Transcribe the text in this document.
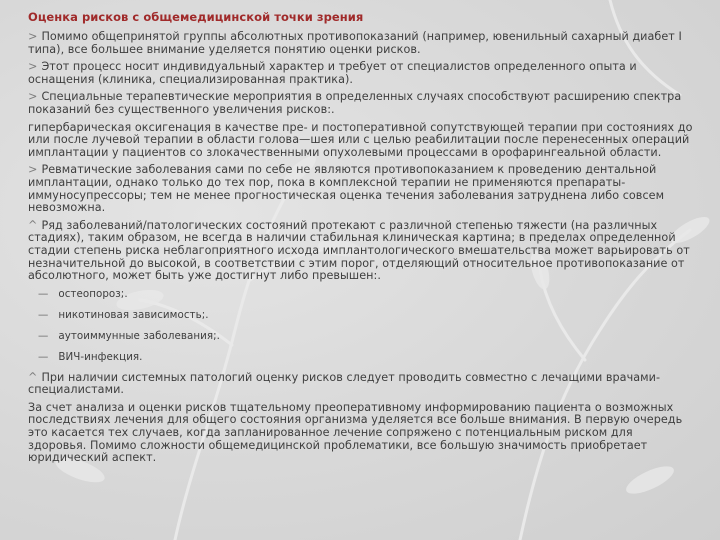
Оценка рисков с общемедицинской точки зрения

> Помимо общепринятой группы абсолютных противопоказаний (например, ювенильный сахарный диабет I типа), все большее внимание уделяется понятию оценки рисков.

> Этот процесс носит индивидуальный характер и требует от специалистов определенного опыта и оснащения (клиника, специализированная практика).

> Специальные терапевтические мероприятия в определенных случаях способствуют расширению спектра показаний без существенного увеличения рисков:.

гипербарическая оксигенация в качестве пре- и постоперативной сопутствующей терапии при состояниях до или после лучевой терапии в области голова—шея или с целью реабилитации после перенесенных операций имплантации у пациентов со злокачественными опухолевыми процессами в орофарингеальной области.

> Ревматические заболевания сами по себе не являются противопоказанием к проведению дентальной имплантации, однако только до тех пор, пока в комплексной терапии не применяются препараты-иммуносупрессоры; тем не менее прогностическая оценка течения заболевания затруднена либо совсем невозможна.

^ Ряд заболеваний/патологических состояний протекают с различной степенью тяжести (на различных стадиях), таким образом, не всегда в наличии стабильная клиническая картина; в пределах определенной стадии степень риска неблагоприятного исхода имплантологического вмешательства может варьировать от незначительной до высокой, в соответствии с этим порог, отделяющий относительное противопоказание от абсолютного, может быть уже достигнут либо превышен:.

— остеопороз;.
— никотиновая зависимость;.
— аутоиммунные заболевания;.
— ВИЧ-инфекция.

^ При наличии системных патологий оценку рисков следует проводить совместно с лечащими врачами-специалистами.

За счет анализа и оценки рисков тщательному преоперативному информированию пациента о возможных последствиях лечения для общего состояния организма уделяется все больше внимания. В первую очередь это касается тех случаев, когда запланированное лечение сопряжено с потенциальным риском для здоровья. Помимо сложности общемедицинской проблематики, все большую значимость приобретает юридический аспект.
